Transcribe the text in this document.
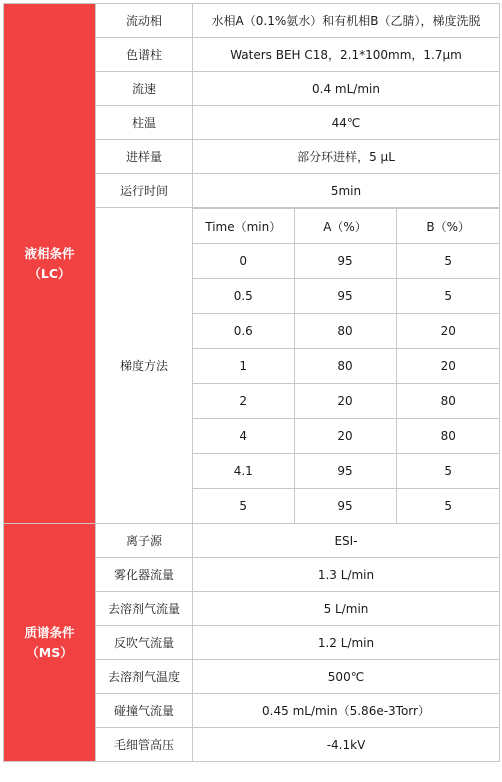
液相条件
（LC）
	流动相	水相A（0.1%氨水）和有机相B（乙腈），梯度洗脱
色谱柱	Waters BEH C18，2.1*100mm，1.7μm
流速	0.4 mL/min
柱温	44℃
进样量	部分环进样，5 μL
运行时间	5min
梯度方法	
Time（min）	A（%）	B（%）
0	95	5
0.5	95	5
0.6	80	20
1	80	20
2	20	80
4	20	80
4.1	95	5
5	95	5

质谱条件
（MS）
	离子源	ESI-
雾化器流量	1.3 L/min
去溶剂气流量	5 L/min
反吹气流量	1.2 L/min
去溶剂气温度	500℃
碰撞气流量	0.45 mL/min（5.86e-3Torr）
毛细管高压	-4.1kV
